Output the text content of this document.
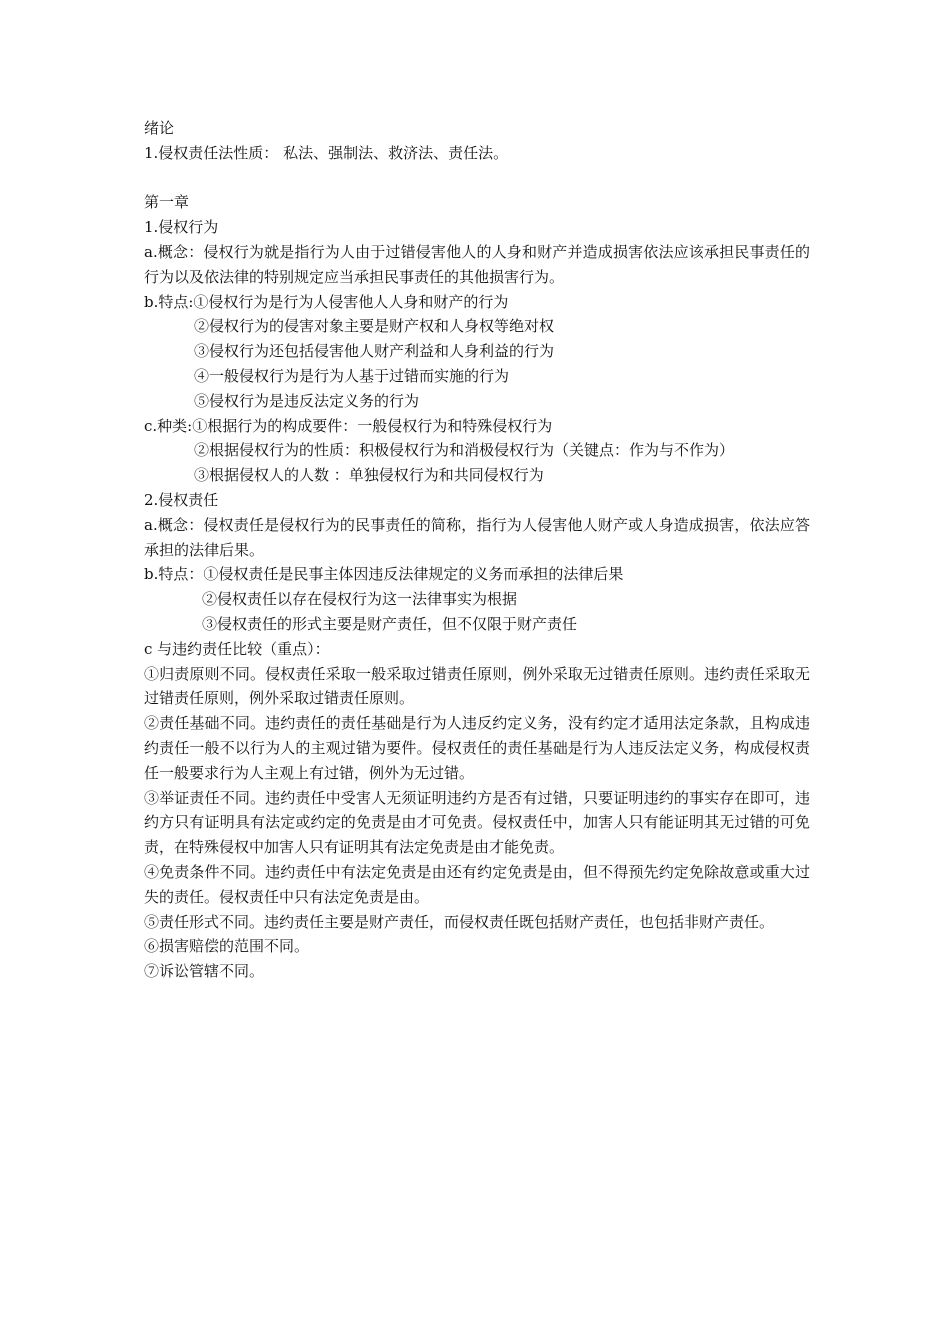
绪论
1.侵权责任法性质： 私法、强制法、救济法、责任法。
第一章
1.侵权行为
a.概念：侵权行为就是指行为人由于过错侵害他人的人身和财产并造成损害依法应该承担民事责任的行为以及依法律的特别规定应当承担民事责任的其他损害行为。
b.特点:①侵权行为是行为人侵害他人人身和财产的行为
②侵权行为的侵害对象主要是财产权和人身权等绝对权
③侵权行为还包括侵害他人财产利益和人身利益的行为
④一般侵权行为是行为人基于过错而实施的行为
⑤侵权行为是违反法定义务的行为
c.种类:①根据行为的构成要件：一般侵权行为和特殊侵权行为
②根据侵权行为的性质：积极侵权行为和消极侵权行为（关键点：作为与不作为）
③根据侵权人的人数 ：单独侵权行为和共同侵权行为
2.侵权责任
a.概念：侵权责任是侵权行为的民事责任的简称，指行为人侵害他人财产或人身造成损害，依法应答承担的法律后果。
b.特点：①侵权责任是民事主体因违反法律规定的义务而承担的法律后果
②侵权责任以存在侵权行为这一法律事实为根据
③侵权责任的形式主要是财产责任，但不仅限于财产责任
c 与违约责任比较（重点）：
①归责原则不同。侵权责任采取一般采取过错责任原则，例外采取无过错责任原则。违约责任采取无过错责任原则，例外采取过错责任原则。
②责任基础不同。违约责任的责任基础是行为人违反约定义务，没有约定才适用法定条款，且构成违约责任一般不以行为人的主观过错为要件。侵权责任的责任基础是行为人违反法定义务，构成侵权责任一般要求行为人主观上有过错，例外为无过错。
③举证责任不同。违约责任中受害人无须证明违约方是否有过错，只要证明违约的事实存在即可，违约方只有证明具有法定或约定的免责是由才可免责。侵权责任中，加害人只有能证明其无过错的可免责，在特殊侵权中加害人只有证明其有法定免责是由才能免责。
④免责条件不同。违约责任中有法定免责是由还有约定免责是由，但不得预先约定免除故意或重大过失的责任。侵权责任中只有法定免责是由。
⑤责任形式不同。违约责任主要是财产责任，而侵权责任既包括财产责任，也包括非财产责任。
⑥损害赔偿的范围不同。
⑦诉讼管辖不同。
